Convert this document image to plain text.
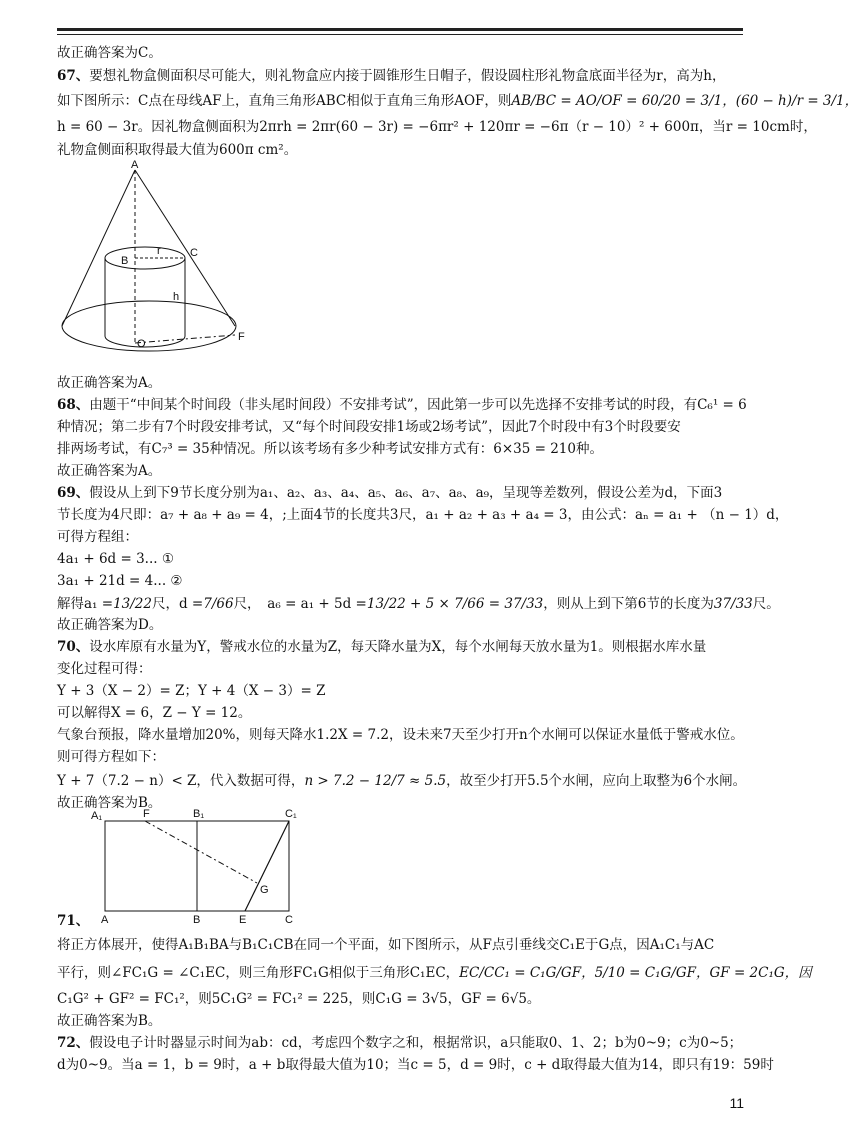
故正确答案为C。
67、要想礼物盒侧面积尽可能大，则礼物盒应内接于圆锥形生日帽子，假设圆柱形礼物盒底面半径为r，高为h，
如下图所示：C点在母线AF上，直角三角形ABC相似于直角三角形AOF，则AB/BC = AO/OF = 60/20 = 3/1，(60 − h)/r = 3/1，
h = 60 − 3r。因礼物盒侧面积为2πrh = 2πr(60 − 3r) = −6πr² + 120πr = −6π（r − 10）² + 600π，当r = 10cm时，
礼物盒侧面积取得最大值为600π cm²。
A
B
r	C
h
O
F
故正确答案为A。
68、由题干“中间某个时间段（非头尾时间段）不安排考试”，因此第一步可以先选择不安排考试的时段，有C₆¹ = 6
种情况；第二步有7个时段安排考试，又“每个时间段安排1场或2场考试”，因此7个时段中有3个时段要安
排两场考试，有C₇³ = 35种情况。所以该考场有多少种考试安排方式有：6×35 = 210种。
故正确答案为A。
69、假设从上到下9节长度分别为a₁、a₂、a₃、a₄、a₅、a₆、a₇、a₈、a₉，呈现等差数列，假设公差为d，下面3
节长度为4尺即：a₇ + a₈ + a₉ = 4，;上面4节的长度共3尺，a₁ + a₂ + a₃ + a₄ = 3，由公式：aₙ = a₁ + （n − 1）d，
可得方程组：
4a₁ + 6d = 3... ①
3a₁ + 21d = 4... ②
解得a₁ =13/22尺，d =7/66尺，　a₆ = a₁ + 5d =13/22 + 5 × 7/66 = 37/33，则从上到下第6节的长度为37/33尺。
故正确答案为D。
70、设水库原有水量为Y，警戒水位的水量为Z，每天降水量为X，每个水闸每天放水量为1。则根据水库水量
变化过程可得：
Y + 3（X − 2）= Z；Y + 4（X − 3）= Z
可以解得X = 6，Z − Y = 12。
气象台预报，降水量增加20%，则每天降水1.2X = 7.2，设未来7天至少打开n个水闸可以保证水量低于警戒水位。
则可得方程如下：
Y + 7（7.2 − n）< Z，代入数据可得，n > 7.2 − 12/7 ≈ 5.5，故至少打开5.5个水闸，应向上取整为6个水闸。
故正确答案为B。
A₁	F	B₁	C₁
G
A	B	E	C
71、
将正方体展开，使得A₁B₁BA与B₁C₁CB在同一个平面，如下图所示，从F点引垂线交C₁E于G点，因A₁C₁与AC
平行，则∠FC₁G = ∠C₁EC，则三角形FC₁G相似于三角形C₁EC，EC/CC₁ = C₁G/GF，5/10 = C₁G/GF，GF = 2C₁G，因
C₁G² + GF² = FC₁²，则5C₁G² = FC₁² = 225，则C₁G = 3√5，GF = 6√5。
故正确答案为B。
72、假设电子计时器显示时间为ab：cd，考虑四个数字之和，根据常识，a只能取0、1、2；b为0~9；c为0~5；
d为0~9。当a = 1，b = 9时，a + b取得最大值为10；当c = 5，d = 9时，c + d取得最大值为14，即只有19：59时
11
